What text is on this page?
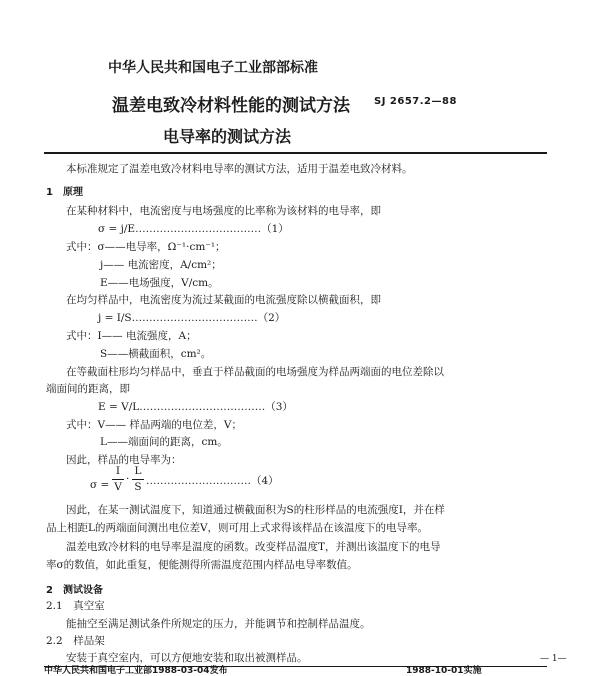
中华人民共和国电子工业部部标准
温差电致冷材料性能的测试方法 SJ 2657.2—88
电导率的测试方法
本标准规定了温差电致冷材料电导率的测试方法，适用于温差电致冷材料。
1　原理
在某种材料中，电流密度与电场强度的比率称为该材料的电导率，即
σ = j/E………………………………（1）
式中：σ——电导率，Ω⁻¹·cm⁻¹；
j—— 电流密度，A/cm²；
E——电场强度，V/cm。
在均匀样品中，电流密度为流过某截面的电流强度除以横截面积，即
j = I/S………………………………（2）
式中：I—— 电流强度，A；
S——横截面积，cm²。
在等截面柱形均匀样品中，垂直于样品截面的电场强度为样品两端面的电位差除以
端面间的距离，即
E = V/L………………………………（3）
式中：V—— 样品两端的电位差，V；
L——端面间的距离，cm。
因此，样品的电导率为：
σ =
I
V
·
L
S …………………………（4）
因此，在某一测试温度下，知道通过横截面积为S的柱形样品的电流强度I，并在样
品上相距L的两端面间测出电位差V，则可用上式求得该样品在该温度下的电导率。
温差电致冷材料的电导率是温度的函数。改变样品温度T，并测出该温度下的电导
率σ的数值，如此重复，便能测得所需温度范围内样品电导率数值。
2　测试设备
2.1　真空室
能抽空至满足测试条件所规定的压力，并能调节和控制样品温度。
2.2　样品架
安装于真空室内，可以方便地安装和取出被测样品。
中华人民共和国电子工业部1988-03-04发布	1988-10-01实施
— 1—
